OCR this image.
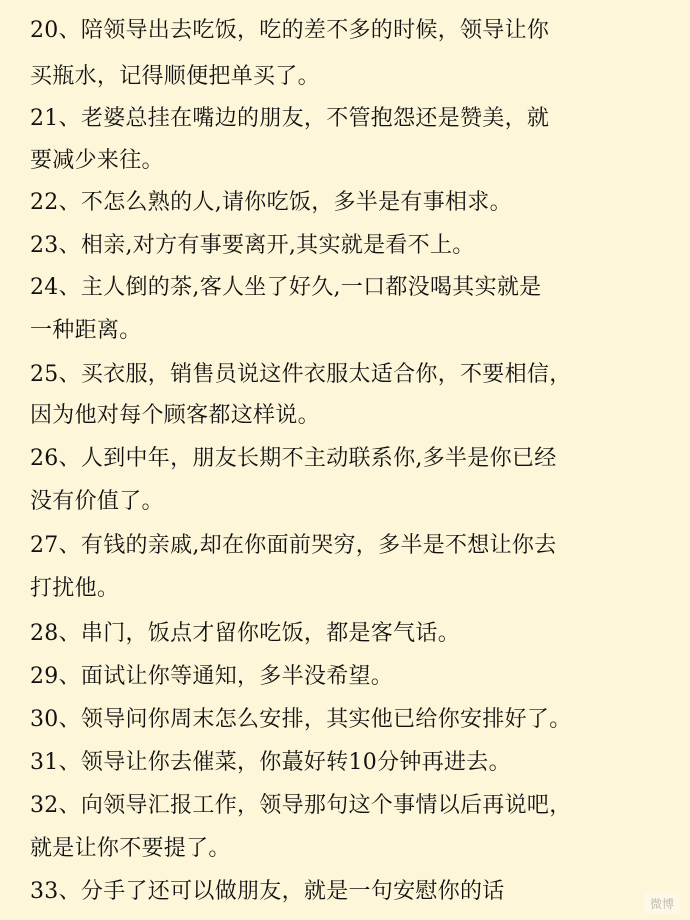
20、陪领导出去吃饭，吃的差不多的时候，领导让你
买瓶水，记得顺便把单买了。
21、老婆总挂在嘴边的朋友，不管抱怨还是赞美，就
要减少来往。
22、不怎么熟的人,请你吃饭，多半是有事相求。
23、相亲,对方有事要离开,其实就是看不上。
24、主人倒的茶,客人坐了好久,一口都没喝其实就是
一种距离。
25、买衣服，销售员说这件衣服太适合你，不要相信，
因为他对每个顾客都这样说。
26、人到中年，朋友长期不主动联系你,多半是你已经
没有价值了。
27、有钱的亲戚,却在你面前哭穷，多半是不想让你去
打扰他。
28、串门，饭点才留你吃饭，都是客气话。
29、面试让你等通知，多半没希望。
30、领导问你周末怎么安排，其实他已给你安排好了。
31、领导让你去催菜，你蕞好转10分钟再进去。
32、向领导汇报工作，领导那句这个事情以后再说吧，
就是让你不要提了。
33、分手了还可以做朋友，就是一句安慰你的话	微博
